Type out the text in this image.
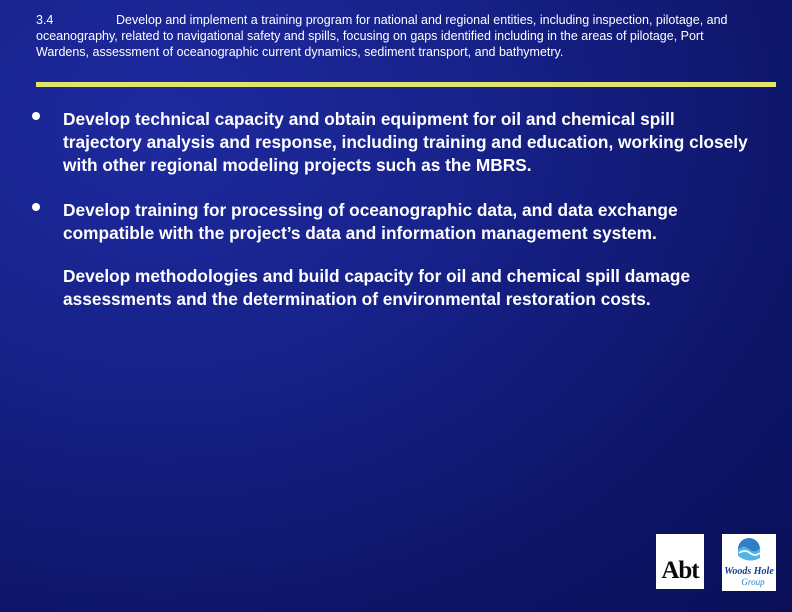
3.4	Develop and implement a training program for national and regional entities, including inspection, pilotage, and oceanography, related to navigational safety and spills, focusing on gaps identified including in the areas of pilotage, Port Wardens, assessment of oceanographic current dynamics, sediment transport, and bathymetry.
Develop technical capacity and obtain equipment for oil and chemical spill trajectory analysis and response, including training and education, working closely with other regional modeling projects such as the MBRS.
Develop training for processing of oceanographic data, and data exchange compatible with the project’s data and information management system.
Develop methodologies and build capacity for oil and chemical spill damage assessments and the determination of environmental restoration costs.
Abt	Woods Hole
Group
